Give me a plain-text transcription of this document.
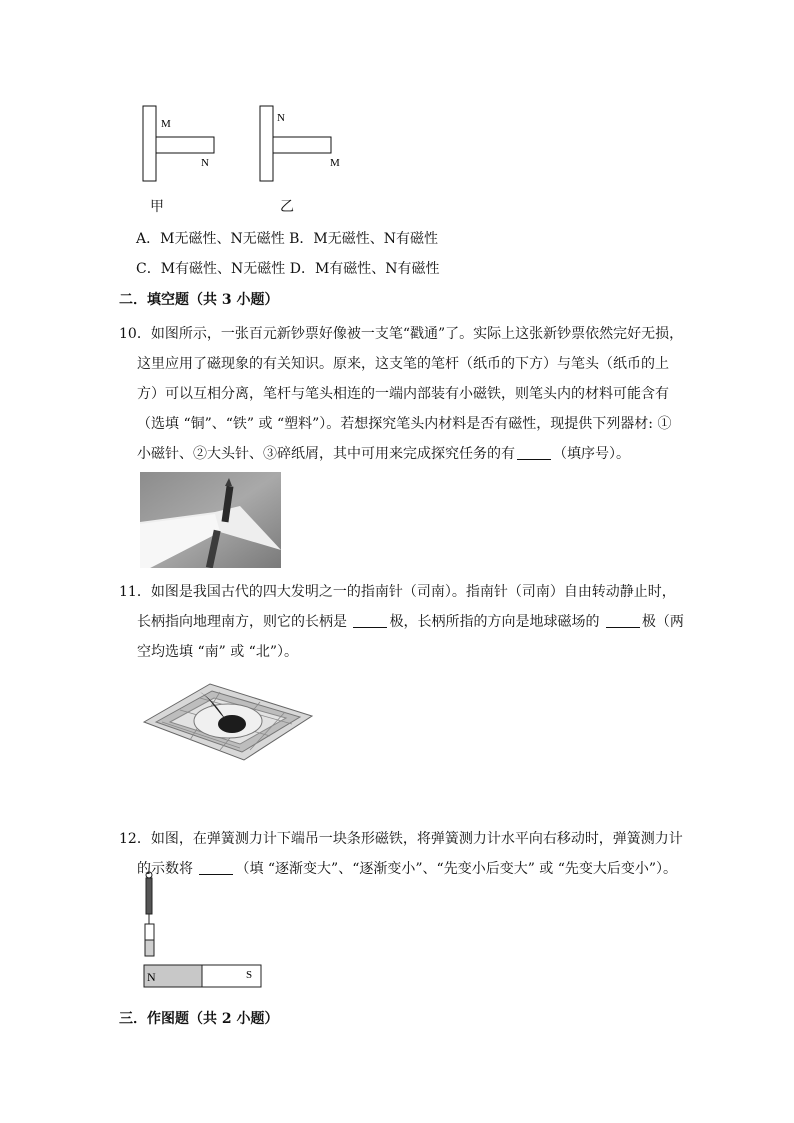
M
N
甲
N
M
乙
A．M无磁性、N无磁性 B．M无磁性、N有磁性
C．M有磁性、N无磁性 D．M有磁性、N有磁性
二．填空题（共 3 小题）
10．如图所示，一张百元新钞票好像被一支笔“戳通”了。实际上这张新钞票依然完好无损，
这里应用了磁现象的有关知识。原来，这支笔的笔杆（纸币的下方）与笔头（纸币的上
方）可以互相分离，笔杆与笔头相连的一端内部装有小磁铁，则笔头内的材料可能含有
（选填 “铜”、“铁” 或 “塑料”）。若想探究笔头内材料是否有磁性，现提供下列器材: ①
小磁针、②大头针、③碎纸屑，其中可用来完成探究任务的有	（填序号）。
11．如图是我国古代的四大发明之一的指南针（司南）。指南针（司南）自由转动静止时，
长柄指向地理南方，则它的长柄是	极，长柄所指的方向是地球磁场的	极（两
空均选填 “南” 或 “北”）。
12．如图，在弹簧测力计下端吊一块条形磁铁，将弹簧测力计水平向右移动时，弹簧测力计
的示数将	（填 “逐渐变大”、“逐渐变小”、“先变小后变大” 或 “先变大后变小”）。
N	S
三．作图题（共 2 小题）
